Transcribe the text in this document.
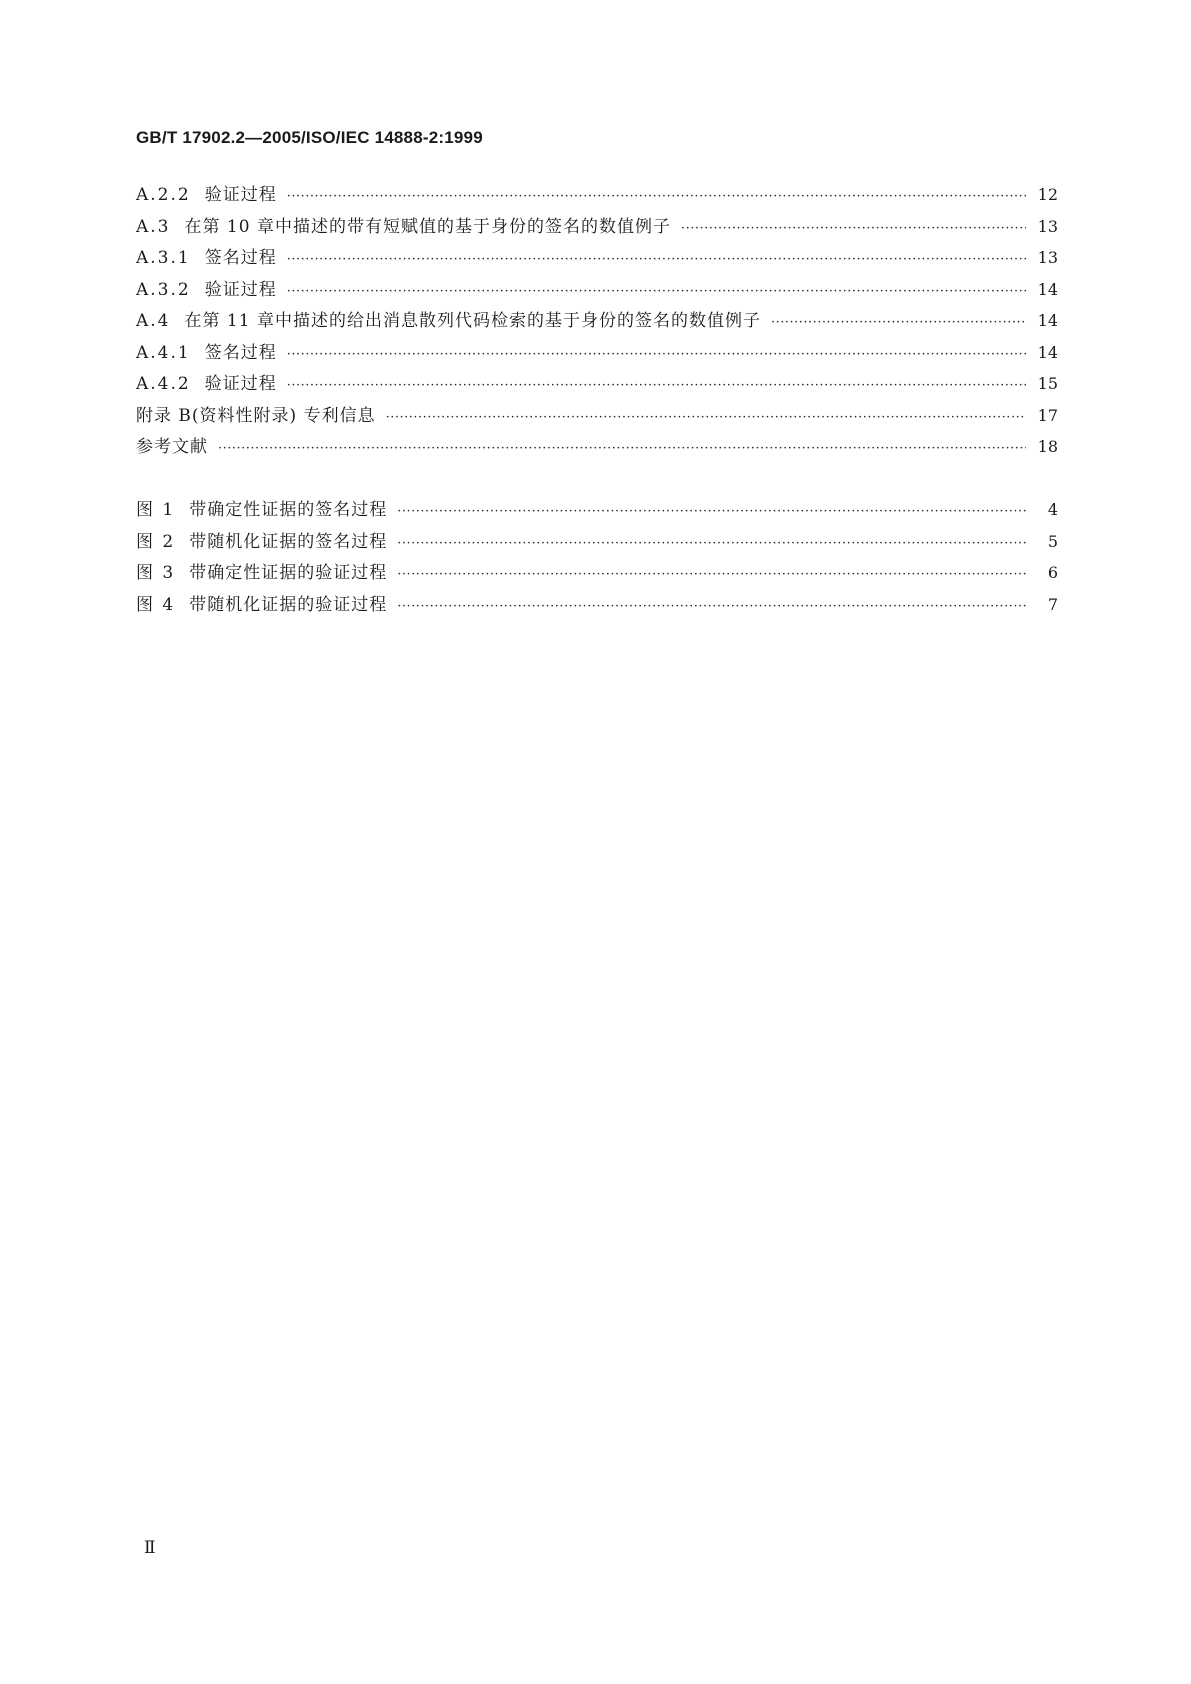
GB/T 17902.2—2005/ISO/IEC 14888-2:1999
A.2.2 验证过程 ·····	12
A.3 在第 10 章中描述的带有短赋值的基于身份的签名的数值例子 ·····	13
A.3.1 签名过程 ·····	13
A.3.2 验证过程 ·····	14
A.4 在第 11 章中描述的给出消息散列代码检索的基于身份的签名的数值例子 ·····	14
A.4.1 签名过程 ·····	14
A.4.2 验证过程 ·····	15
附录 B(资料性附录) 专利信息 ·····	17
参考文献 ·····	18
图 1 带确定性证据的签名过程 ·····	4
图 2 带随机化证据的签名过程 ·····	5
图 3 带确定性证据的验证过程 ·····	6
图 4 带随机化证据的验证过程 ·····	7
Ⅱ
